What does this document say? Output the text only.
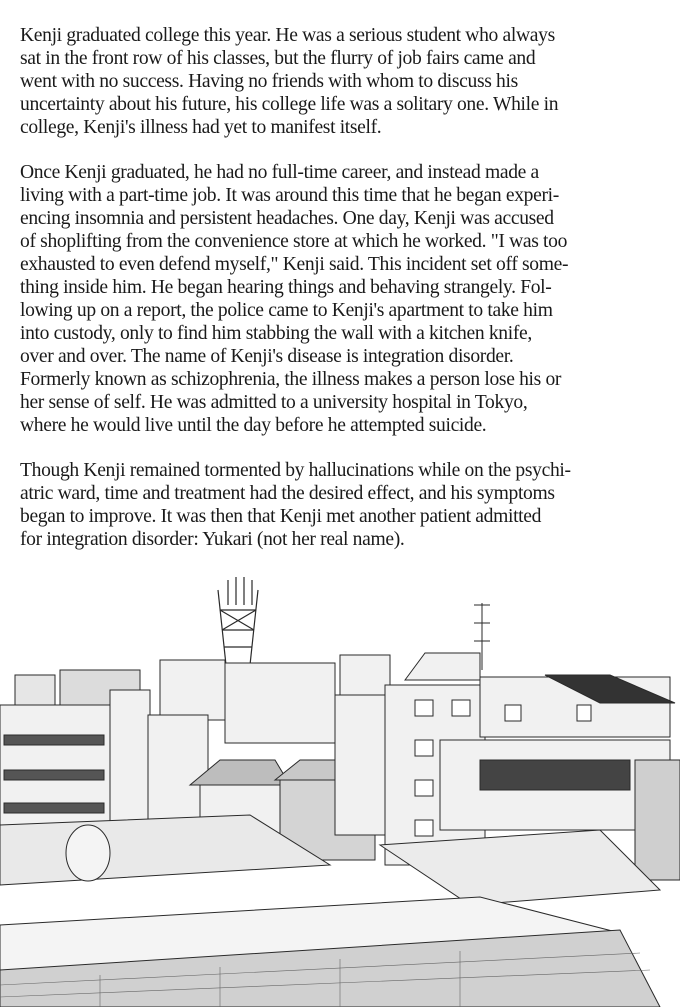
Kenji graduated college this year. He was a serious student who always
sat in the front row of his classes, but the flurry of job fairs came and
went with no success. Having no friends with whom to discuss his
uncertainty about his future, his college life was a solitary one. While in
college, Kenji's illness had yet to manifest itself.

Once Kenji graduated, he had no full-time career, and instead made a
living with a part-time job. It was around this time that he began experi-
encing insomnia and persistent headaches. One day, Kenji was accused
of shoplifting from the convenience store at which he worked. "I was too
exhausted to even defend myself," Kenji said. This incident set off some-
thing inside him. He began hearing things and behaving strangely. Fol-
lowing up on a report, the police came to Kenji's apartment to take him
into custody, only to find him stabbing the wall with a kitchen knife,
over and over. The name of Kenji's disease is integration disorder.
Formerly known as schizophrenia, the illness makes a person lose his or
her sense of self. He was admitted to a university hospital in Tokyo,
where he would live until the day before he attempted suicide.

Though Kenji remained tormented by hallucinations while on the psychi-
atric ward, time and treatment had the desired effect, and his symptoms
began to improve. It was then that Kenji met another patient admitted
for integration disorder: Yukari (not her real name).
